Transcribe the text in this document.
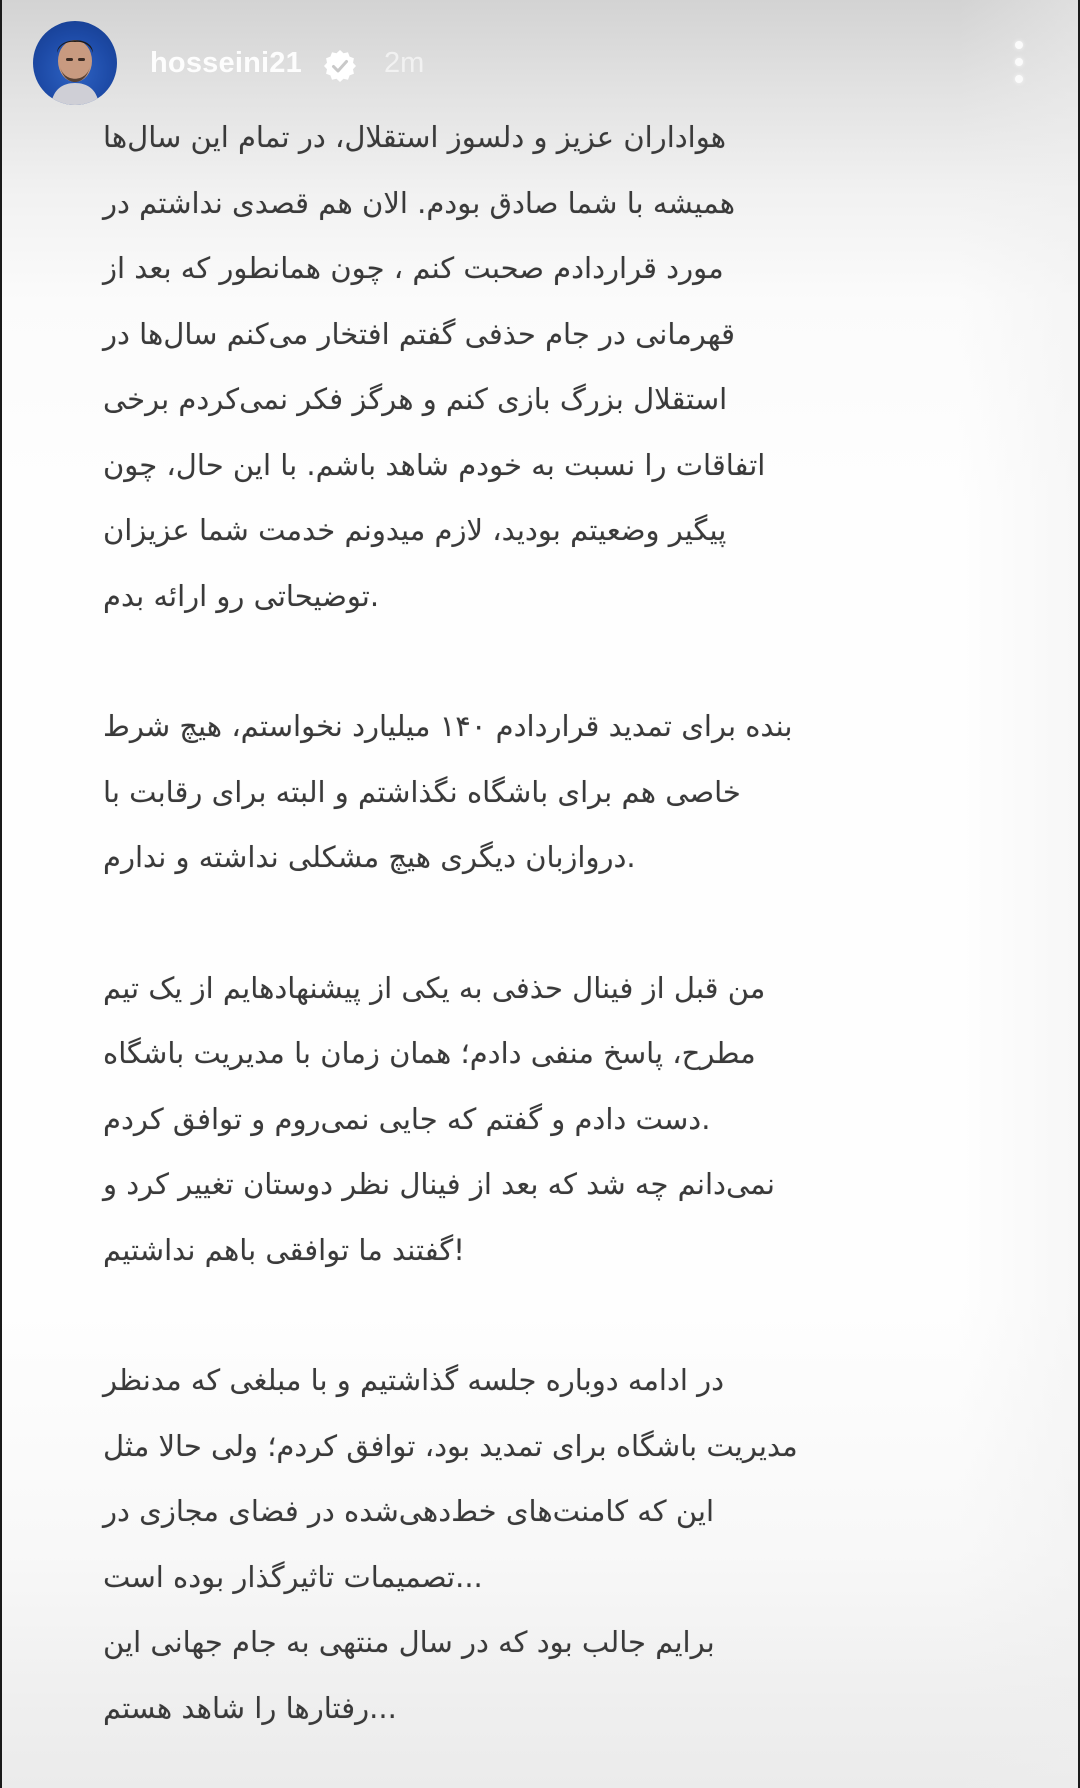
hosseini21	2m

هواداران عزیز و دلسوز استقلال، در تمام این سال‌ها
همیشه با شما صادق بودم. الان هم قصدی نداشتم در
مورد قراردادم صحبت کنم ، چون همانطور که بعد از
قهرمانی در جام حذفی گفتم افتخار می‌کنم سال‌ها در
استقلال بزرگ بازی کنم و هرگز فکر نمی‌کردم برخی
اتفاقات را نسبت به خودم شاهد باشم. با این حال، چون
پیگیر وضعیتم بودید، لازم میدونم خدمت شما عزیزان
.توضیحاتی رو ارائه بدم

بنده برای تمدید قراردادم ۱۴۰ میلیارد نخواستم، هیچ شرط
خاصی هم برای باشگاه نگذاشتم و البته برای رقابت با
.دروازبان دیگری هیچ مشکلی نداشته و ندارم

من قبل از فینال حذفی به یکی از پیشنهادهایم از یک تیم
مطرح، پاسخ منفی دادم؛ همان زمان با مدیریت باشگاه
.دست دادم و گفتم که جایی نمی‌روم و توافق کردم
نمی‌دانم چه شد که بعد از فینال نظر دوستان تغییر کرد و
!گفتند ما توافقی باهم نداشتیم

در ادامه دوباره جلسه گذاشتیم و با مبلغی که مدنظر
مدیریت باشگاه برای تمدید بود، توافق کردم؛ ولی حالا مثل
این که کامنت‌های خط‌دهی‌شده در فضای مجازی در
...تصمیمات تاثیرگذار بوده است
برایم جالب بود که در سال منتهی به جام جهانی این
...رفتارها را شاهد هستم
